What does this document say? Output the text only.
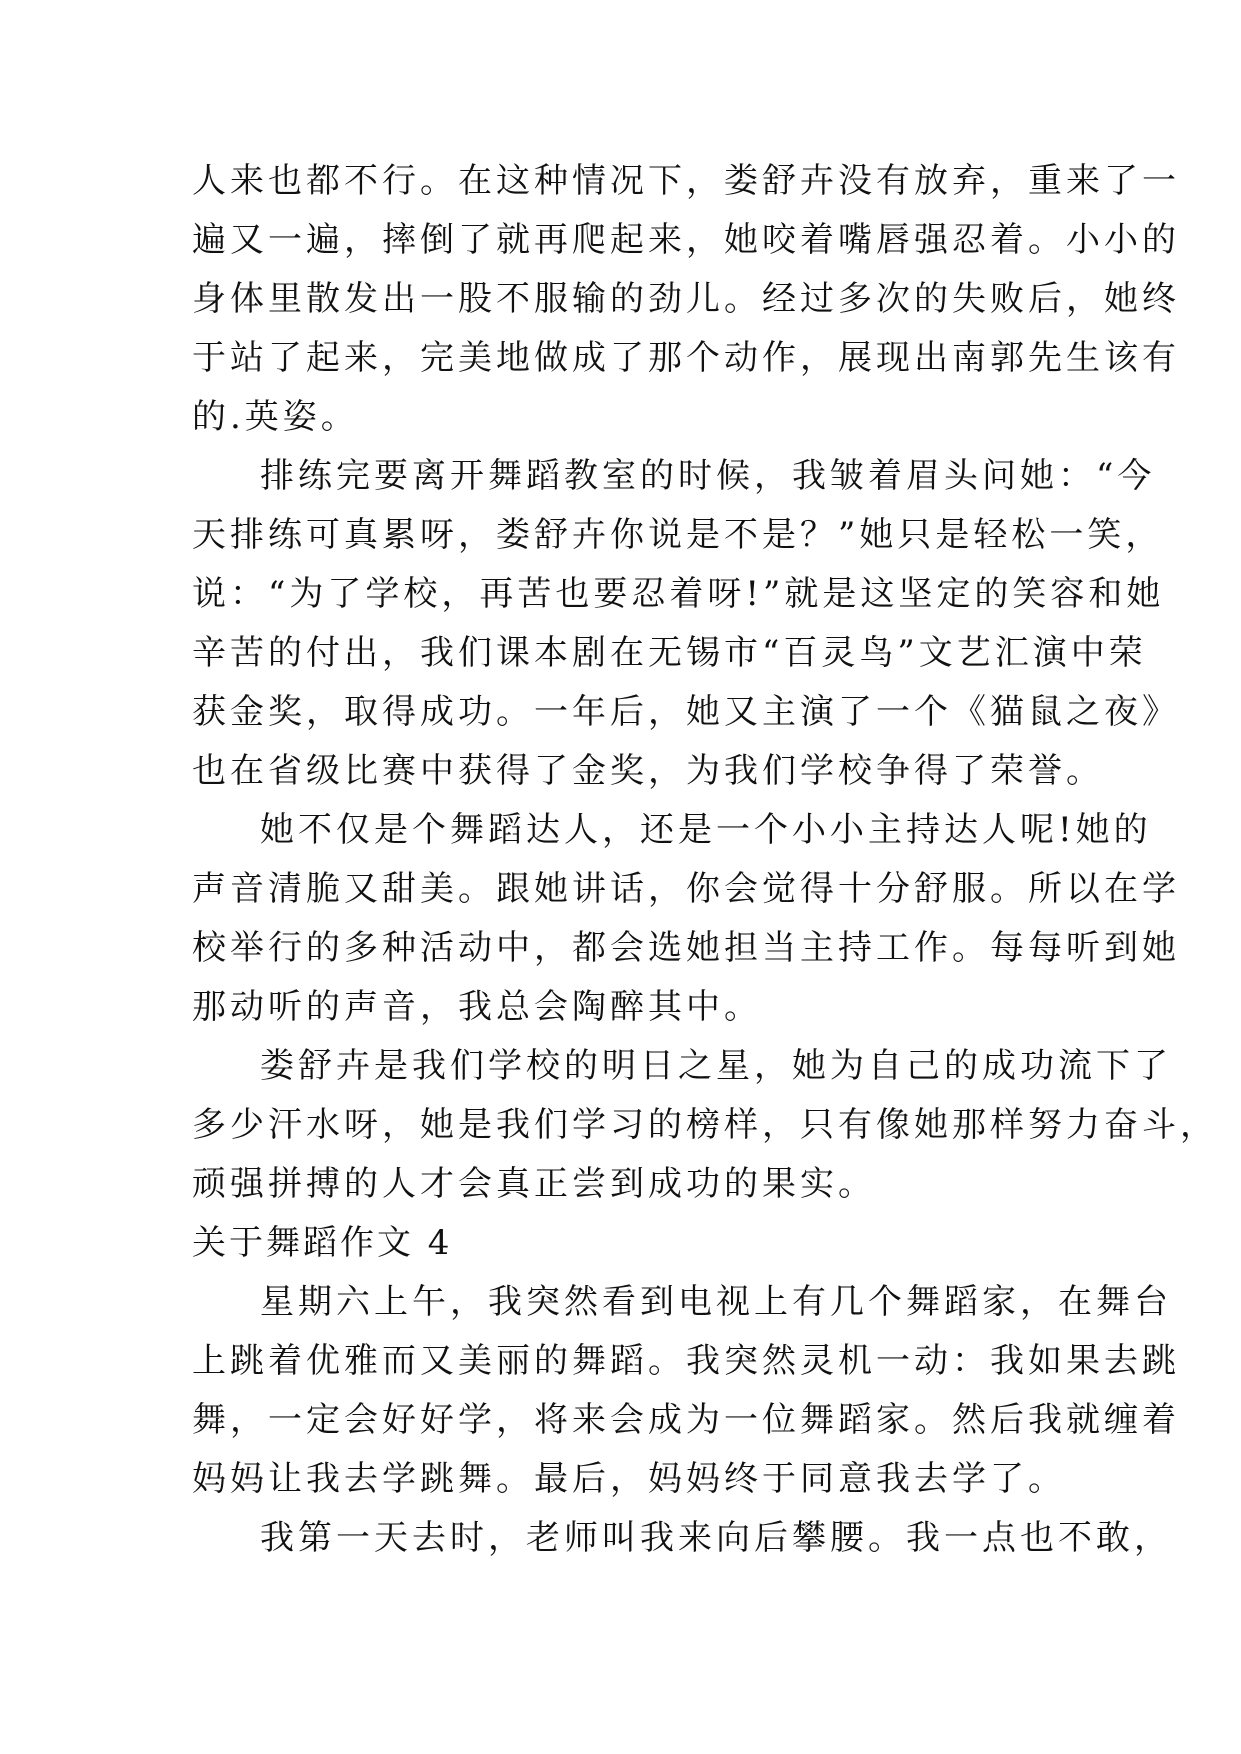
人来也都不行。在这种情况下，娄舒卉没有放弃，重来了一
遍又一遍，摔倒了就再爬起来，她咬着嘴唇强忍着。小小的
身体里散发出一股不服输的劲儿。经过多次的失败后，她终
于站了起来，完美地做成了那个动作，展现出南郭先生该有
的.英姿。
排练完要离开舞蹈教室的时候，我皱着眉头问她：“今
天排练可真累呀，娄舒卉你说是不是？”她只是轻松一笑，
说：“为了学校，再苦也要忍着呀!”就是这坚定的笑容和她
辛苦的付出，我们课本剧在无锡市“百灵鸟”文艺汇演中荣
获金奖，取得成功。一年后，她又主演了一个《猫鼠之夜》
也在省级比赛中获得了金奖，为我们学校争得了荣誉。
她不仅是个舞蹈达人，还是一个小小主持达人呢!她的
声音清脆又甜美。跟她讲话，你会觉得十分舒服。所以在学
校举行的多种活动中，都会选她担当主持工作。每每听到她
那动听的声音，我总会陶醉其中。
娄舒卉是我们学校的明日之星，她为自己的成功流下了
多少汗水呀，她是我们学习的榜样，只有像她那样努力奋斗，
顽强拼搏的人才会真正尝到成功的果实。
关于舞蹈作文 4
星期六上午，我突然看到电视上有几个舞蹈家，在舞台
上跳着优雅而又美丽的舞蹈。我突然灵机一动：我如果去跳
舞，一定会好好学，将来会成为一位舞蹈家。然后我就缠着
妈妈让我去学跳舞。最后，妈妈终于同意我去学了。
我第一天去时，老师叫我来向后攀腰。我一点也不敢，
